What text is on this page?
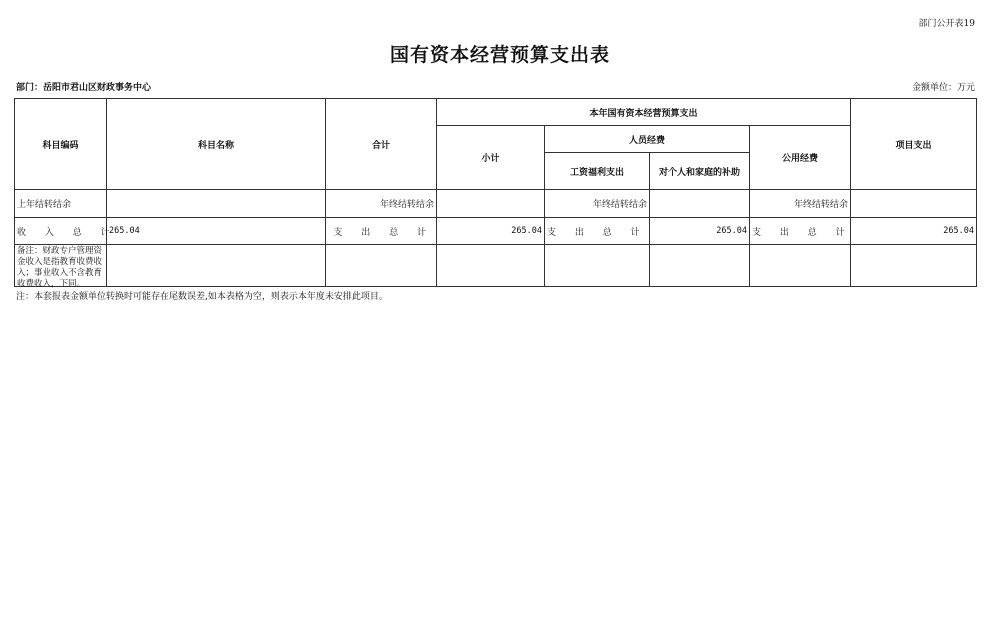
部门公开表19
国有资本经营预算支出表
部门：岳阳市君山区财政事务中心	金额单位：万元
科目编码	科目名称	合计	本年国有资本经营预算支出				项目支出
			小计	人员经费		公用经费	
				工资福利支出	对个人和家庭的补助		
上年结转结余		年终结转结余		年终结转结余		年终结转结余	
收 入 总 计	265.04	支 出 总 计	265.04	支 出 总 计	265.04	支 出 总 计	265.04

备注：财政专户管理资金收入是指教育收费收入；事业收入不含教育收费收入，下同。							

注：本套报表金额单位转换时可能存在尾数误差,如本表格为空，则表示本年度未安排此项目。
